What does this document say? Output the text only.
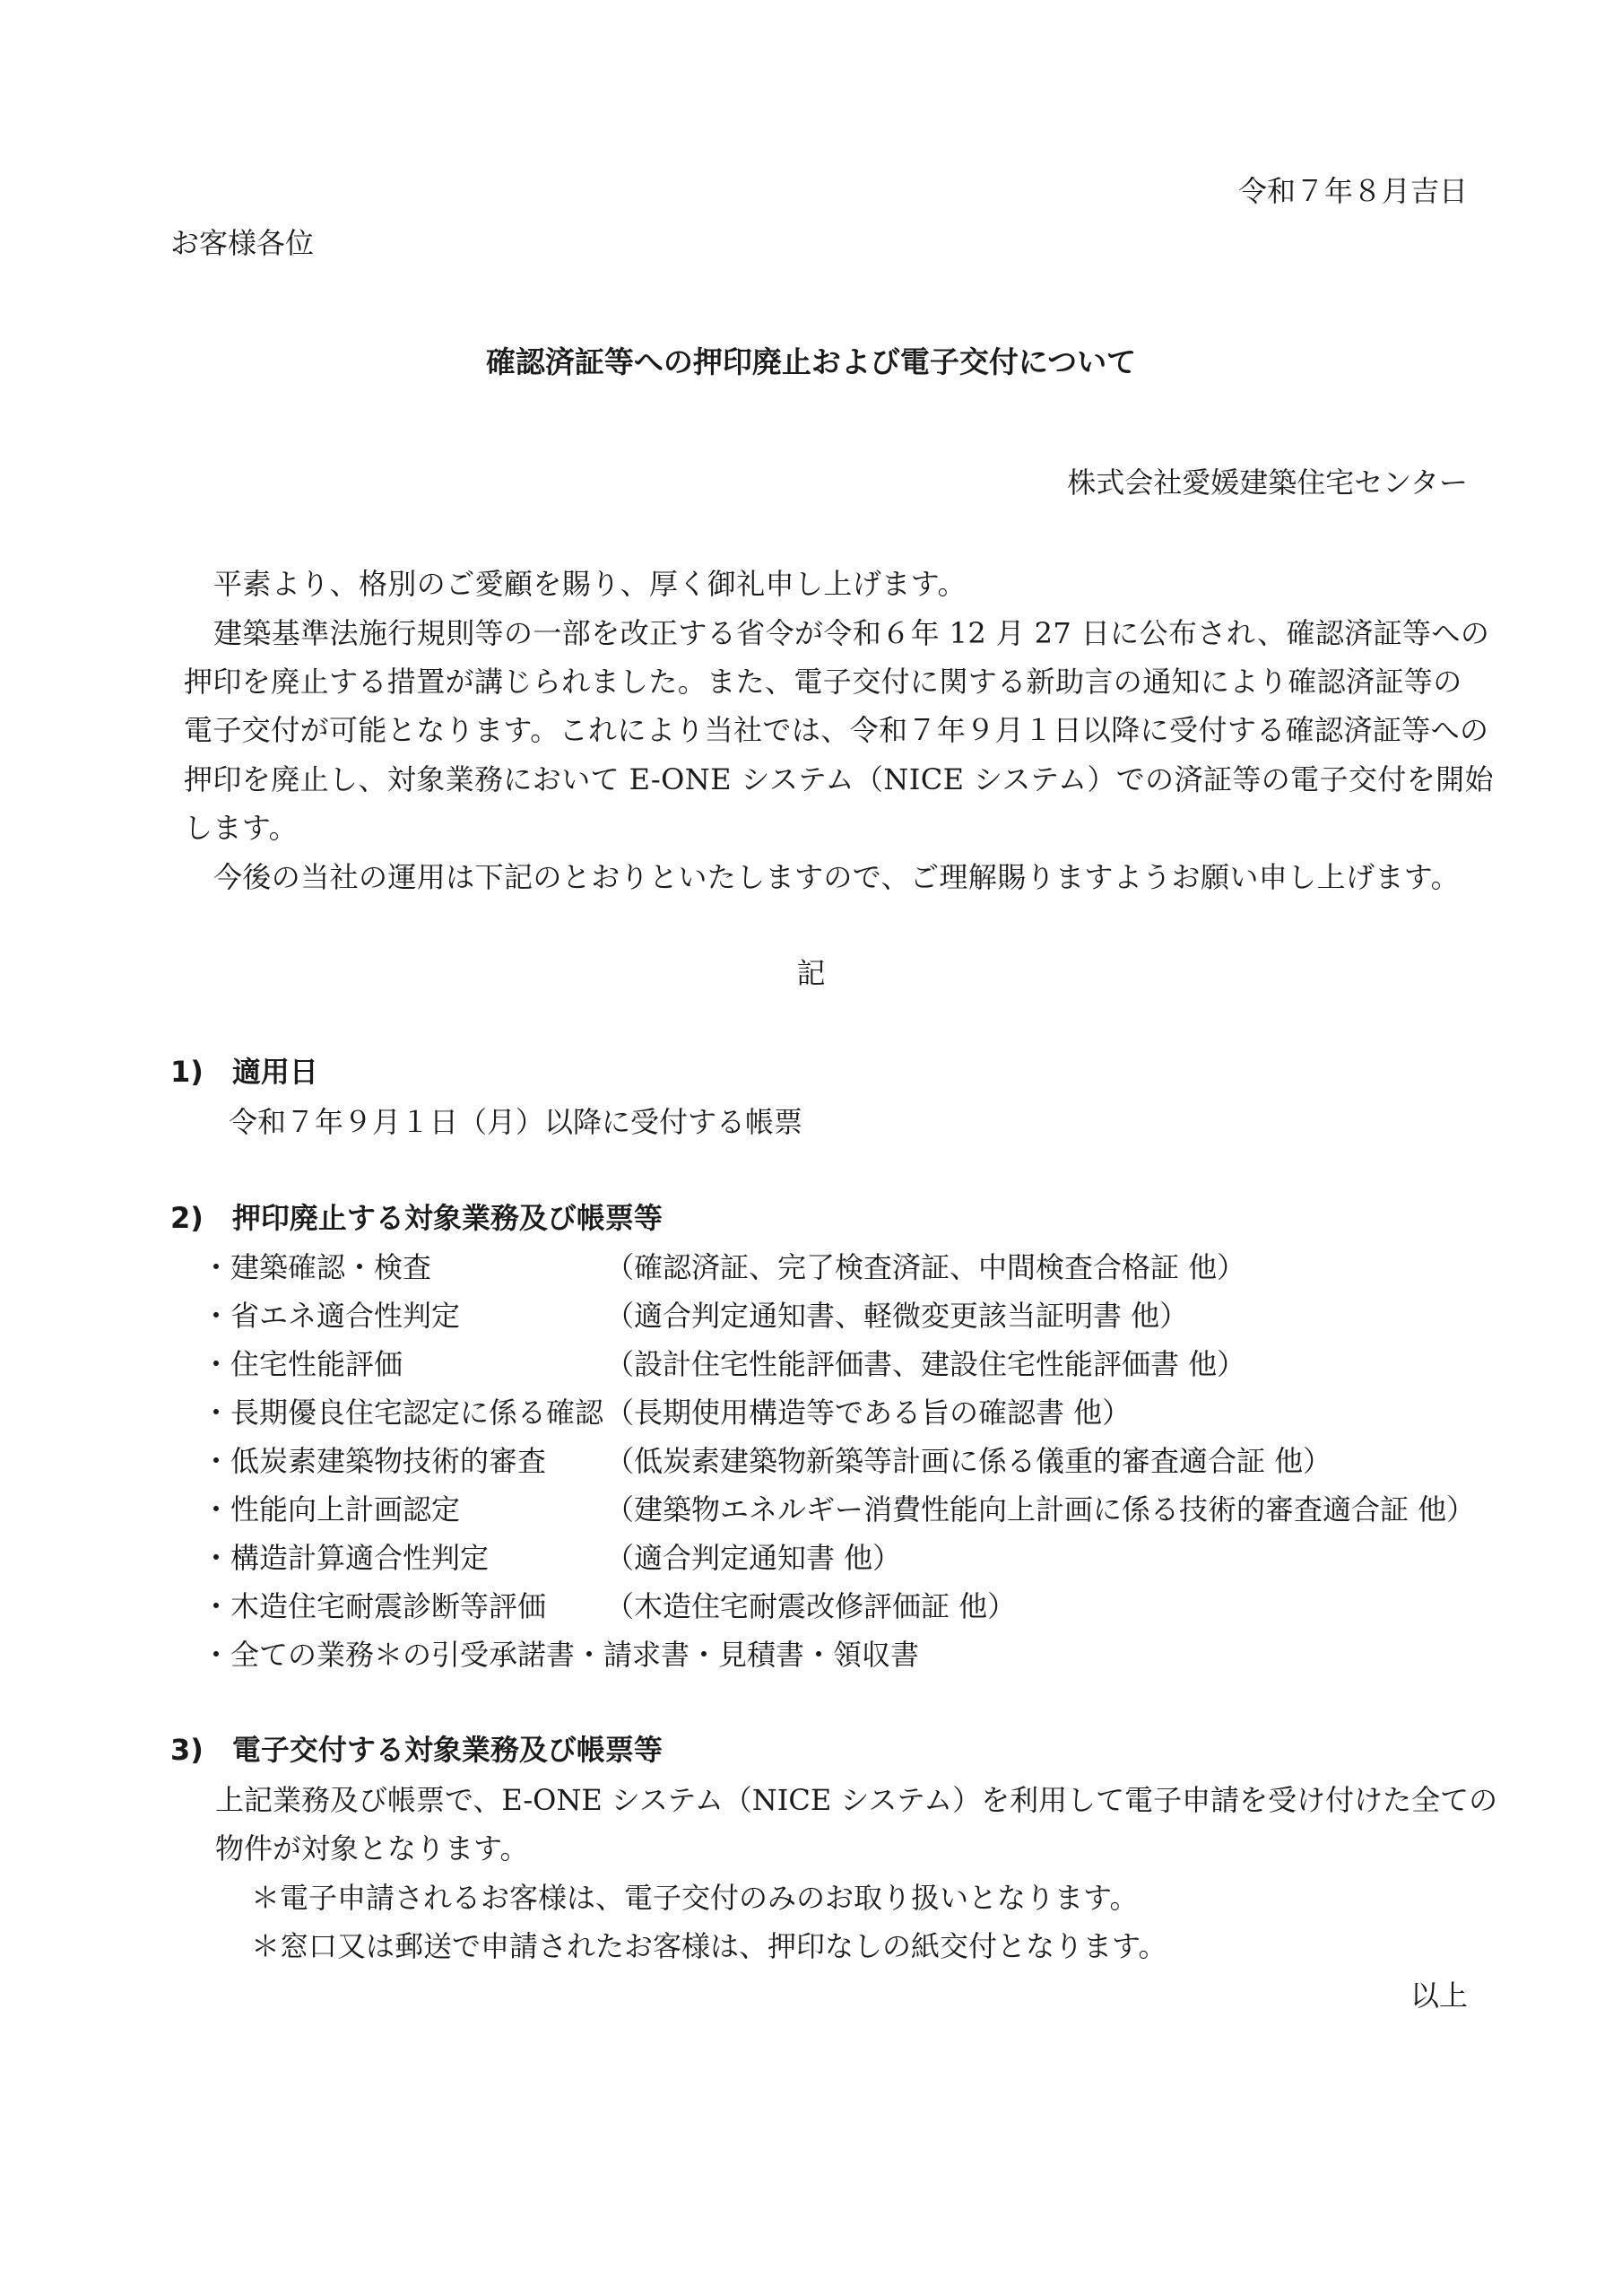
令和７年８月吉日
お客様各位
確認済証等への押印廃止および電子交付について
株式会社愛媛建築住宅センター
平素より、格別のご愛顧を賜り、厚く御礼申し上げます。
建築基準法施行規則等の一部を改正する省令が令和６年 12 月 27 日に公布され、確認済証等への
押印を廃止する措置が講じられました。また、電子交付に関する新助言の通知により確認済証等の
電子交付が可能となります。これにより当社では、令和７年９月１日以降に受付する確認済証等への
押印を廃止し、対象業務において E-ONE システム（NICE システム）での済証等の電子交付を開始
します。
今後の当社の運用は下記のとおりといたしますので、ご理解賜りますようお願い申し上げます。
記
1)　適用日
令和７年９月１日（月）以降に受付する帳票
2)　押印廃止する対象業務及び帳票等
・建築確認・検査	（確認済証、完了検査済証、中間検査合格証 他）
・省エネ適合性判定	（適合判定通知書、軽微変更該当証明書 他）
・住宅性能評価	（設計住宅性能評価書、建設住宅性能評価書 他）
・長期優良住宅認定に係る確認 （長期使用構造等である旨の確認書 他）
・低炭素建築物技術的審査 （低炭素建築物新築等計画に係る儀重的審査適合証 他）
・性能向上計画認定	（建築物エネルギー消費性能向上計画に係る技術的審査適合証 他）
・構造計算適合性判定	（適合判定通知書 他）
・木造住宅耐震診断等評価 （木造住宅耐震改修評価証 他）
・全ての業務＊の引受承諾書・請求書・見積書・領収書
3)　電子交付する対象業務及び帳票等
上記業務及び帳票で、E-ONE システム（NICE システム）を利用して電子申請を受け付けた全ての
物件が対象となります。
＊電子申請されるお客様は、電子交付のみのお取り扱いとなります。
＊窓口又は郵送で申請されたお客様は、押印なしの紙交付となります。
以上
